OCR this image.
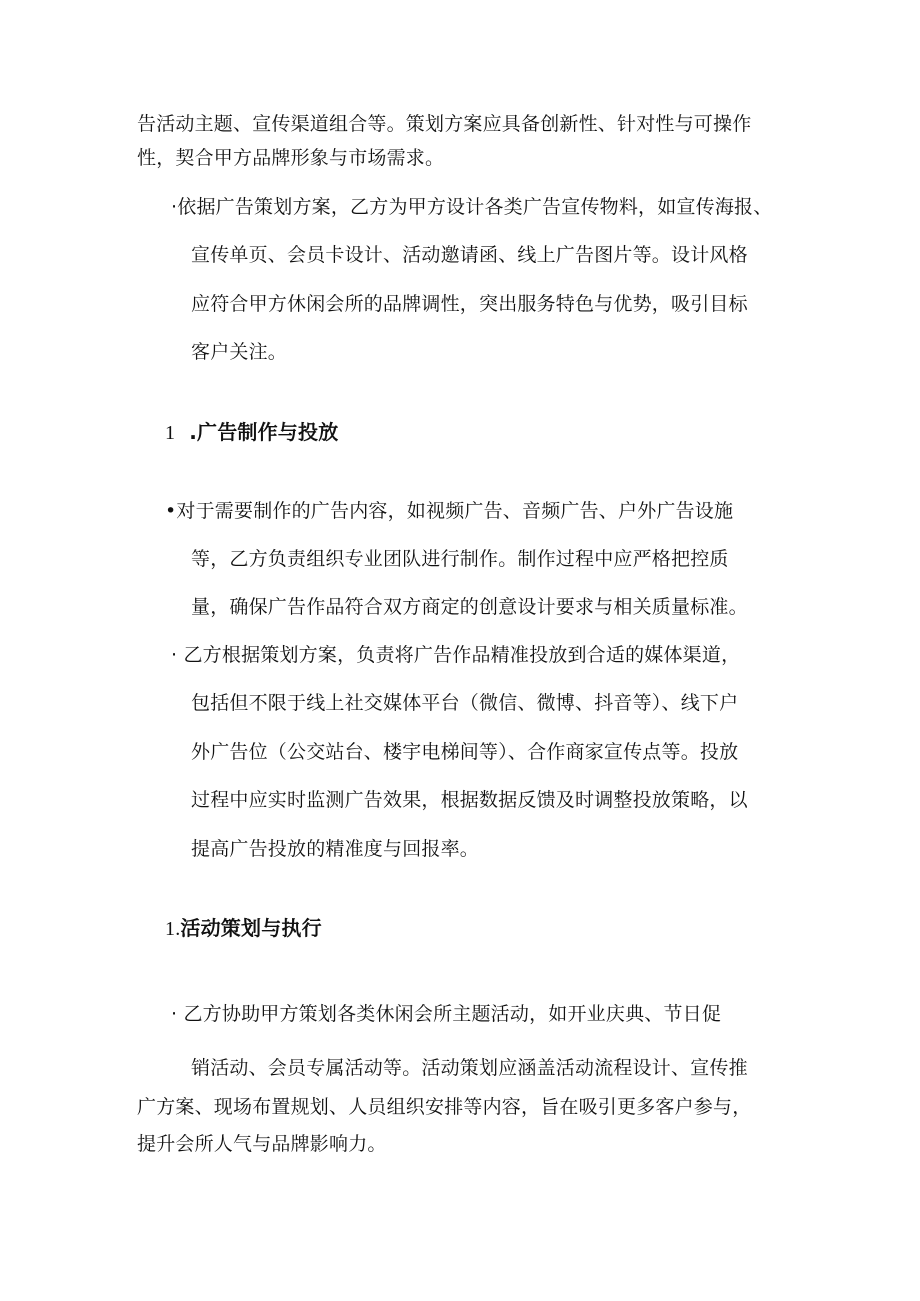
告活动主题、宣传渠道组合等。策划方案应具备创新性、针对性与可操作
性，契合甲方品牌形象与市场需求。
·依据广告策划方案，乙方为甲方设计各类广告宣传物料，如宣传海报、
宣传单页、会员卡设计、活动邀请函、线上广告图片等。设计风格
应符合甲方休闲会所的品牌调性，突出服务特色与优势，吸引目标
客户关注。
1 .广告制作与投放
•对于需要制作的广告内容，如视频广告、音频广告、户外广告设施
等，乙方负责组织专业团队进行制作。制作过程中应严格把控质
量，确保广告作品符合双方商定的创意设计要求与相关质量标准。
· 乙方根据策划方案，负责将广告作品精准投放到合适的媒体渠道，
包括但不限于线上社交媒体平台（微信、微博、抖音等）、线下户
外广告位（公交站台、楼宇电梯间等）、合作商家宣传点等。投放
过程中应实时监测广告效果，根据数据反馈及时调整投放策略，以
提高广告投放的精准度与回报率。
1.活动策划与执行
· 乙方协助甲方策划各类休闲会所主题活动，如开业庆典、节日促
销活动、会员专属活动等。活动策划应涵盖活动流程设计、宣传推
广方案、现场布置规划、人员组织安排等内容，旨在吸引更多客户参与，
提升会所人气与品牌影响力。
